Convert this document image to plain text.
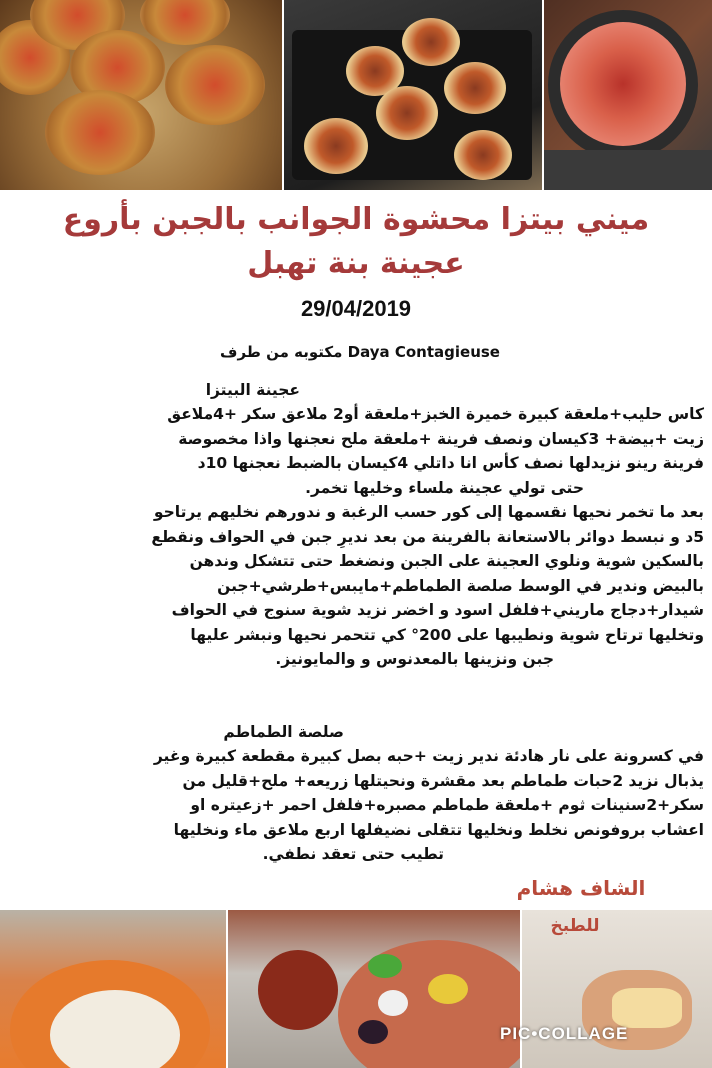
ميني بيتزا محشوة الجوانب بالجبن بأروع
عجينة بنة تهبل
29/04/2019
مكتوبه من طرف Daya Contagieuse
عجينة البيتزا
كاس حليب+ملعقة كبيرة خميرة الخبز+ملعقة أو2 ملاعق سكر +4ملاعق
زيت +بيضة+ 3كيسان ونصف فرينة +ملعقة ملح نعجنها واذا مخصوصة
فرينة رينو نزيدلها نصف كأس انا داتلي 4كيسان بالضبط نعجنها 10د
حتى تولي عجينة ملساء وخليها تخمر.
بعد ما تخمر نحيها نقسمها إلى كور حسب الرغبة و ندورهم نخليهم يرتاحو
5د و نبسط دوائر بالاستعانة بالفرينة من بعد نديرِ جبن في الحواف ونقطع
بالسكين شوية ونلوي العجينة على الجبن ونضغط حتى تتشكل وندهن
بالبيض وندير في الوسط صلصة الطماطم+مايبس+طرشي+جبن
شيدار+دجاج ماريني+فلفل اسود و اخضر نزيد شوية سنوج في الحواف
وتخليها ترتاح شوية ونطيبها على 200° كي تتحمر نحيها ونبشر عليها
جبن ونزينها بالمعدنوس و والمايونيز.
صلصة الطماطم
في كسرونة على نار هادئة ندير زيت +حبه بصل كبيرة مقطعة كبيرة وغير
يذبال نزيد 2حبات طماطم بعد مقشرة ونحيتلها زريعه+ ملح+قليل من
سكر+2سنينات ثوم +ملعقة طماطم مصبره+فلفل احمر +زعيتره او
اعشاب بروفونص نخلط ونخليها تتقلى نضيفلها اربع ملاعق ماء ونخليها
تطيب حتى تعقد نطفي.
الشاف هشام
للطبخ
PIC•COLLAGE
